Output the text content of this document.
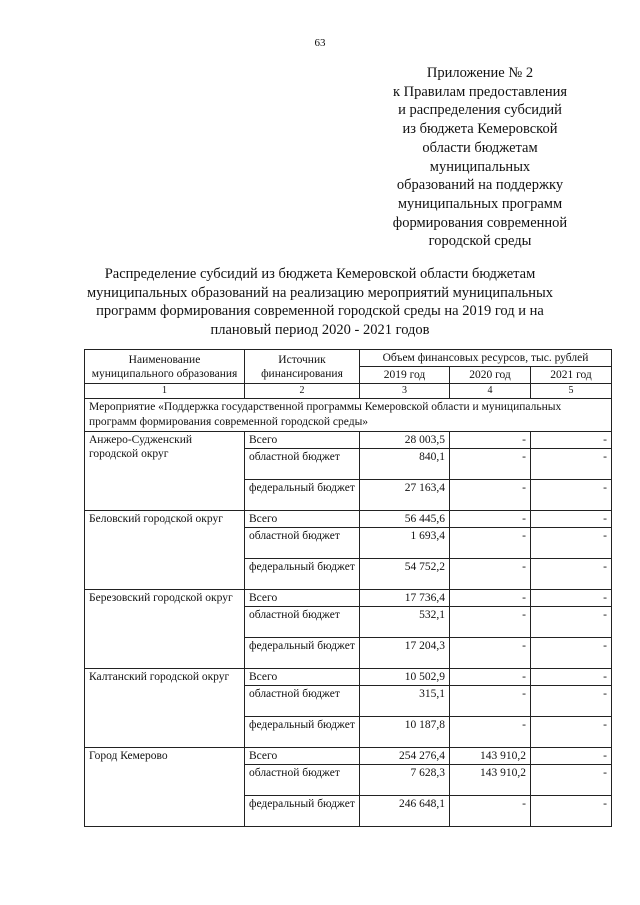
63
Приложение № 2
к Правилам предоставления
и распределения субсидий
из бюджета Кемеровской
области бюджетам
муниципальных
образований на поддержку
муниципальных программ
формирования современной
городской среды
Распределение субсидий из бюджета Кемеровской области бюджетам
муниципальных образований на реализацию мероприятий муниципальных
программ формирования современной городской среды на 2019 год и на
плановый период 2020 - 2021 годов
Наименование муниципального образования	Источник финансирования	Объем финансовых ресурсов, тыс. рублей		
		2019 год	2020 год	2021 год
1	2	3	4	5
Мероприятие «Поддержка государственной программы Кемеровской области и муниципальных программ формирования современной городской среды»				
Анжеро-Судженский городской округ	Всего	28 003,5	-	-
	областной бюджет	840,1	-	-
	федеральный бюджет	27 163,4	-	-
Беловский городской округ	Всего	56 445,6	-	-
	областной бюджет	1 693,4	-	-
	федеральный бюджет	54 752,2	-	-
Березовский городской округ	Всего	17 736,4	-	-
	областной бюджет	532,1	-	-
	федеральный бюджет	17 204,3	-	-
Калтанский городской округ	Всего	10 502,9	-	-
	областной бюджет	315,1	-	-
	федеральный бюджет	10 187,8	-	-
Город Кемерово	Всего	254 276,4	143 910,2	-
	областной бюджет	7 628,3	143 910,2	-
	федеральный бюджет	246 648,1	-	-
